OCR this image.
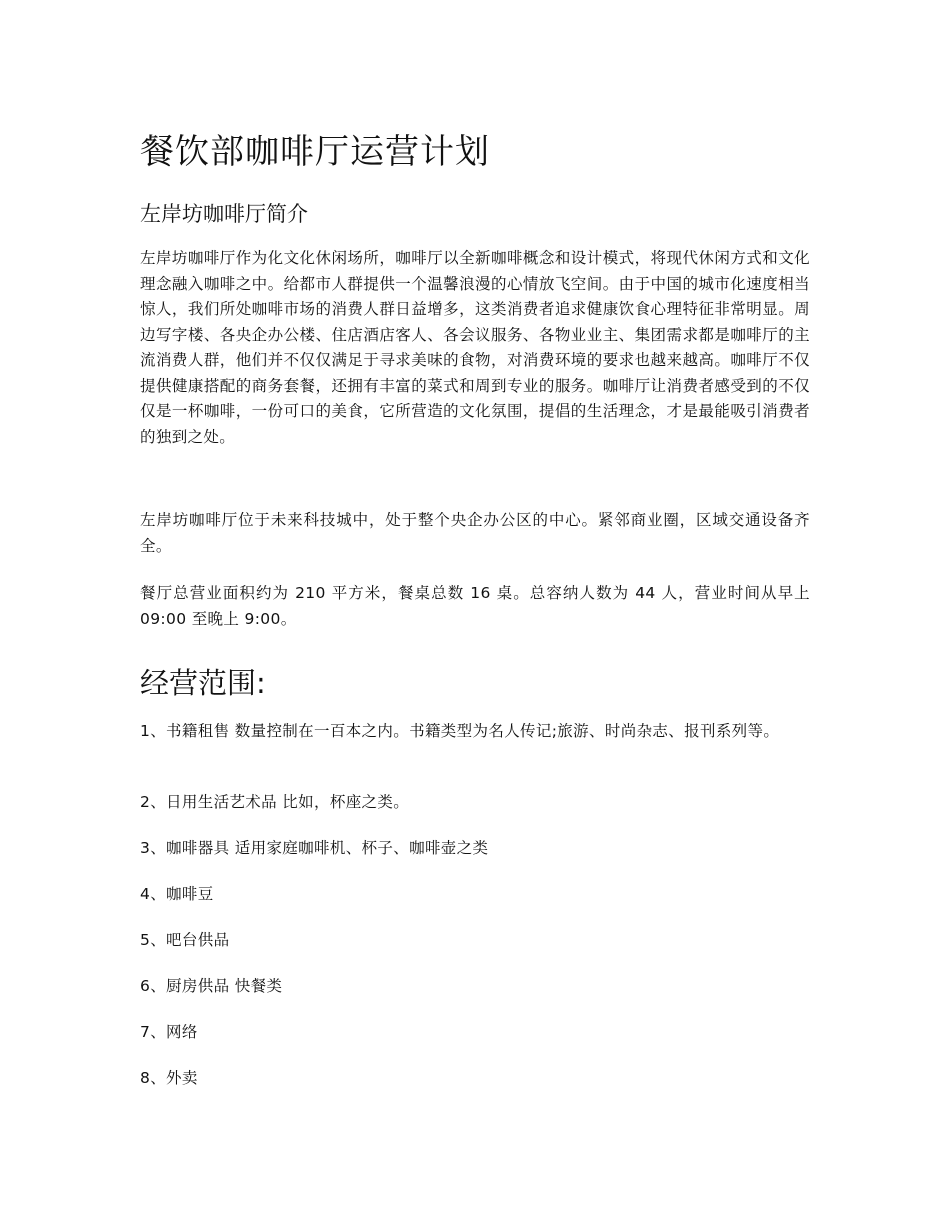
餐饮部咖啡厅运营计划
左岸坊咖啡厅简介

左岸坊咖啡厅作为化文化休闲场所，咖啡厅以全新咖啡概念和设计模式，将现代休闲方式和文化理念融入咖啡之中。给都市人群提供一个温馨浪漫的心情放飞空间。由于中国的城市化速度相当惊人，我们所处咖啡市场的消费人群日益增多，这类消费者追求健康饮食心理特征非常明显。周边写字楼、各央企办公楼、住店酒店客人、各会议服务、各物业业主、集团需求都是咖啡厅的主流消费人群，他们并不仅仅满足于寻求美味的食物，对消费环境的要求也越来越高。咖啡厅不仅提供健康搭配的商务套餐，还拥有丰富的菜式和周到专业的服务。咖啡厅让消费者感受到的不仅仅是一杯咖啡，一份可口的美食，它所营造的文化氛围，提倡的生活理念，才是最能吸引消费者的独到之处。

左岸坊咖啡厅位于未来科技城中，处于整个央企办公区的中心。紧邻商业圈，区域交通设备齐全。

餐厅总营业面积约为 210 平方米，餐桌总数 16 桌。总容纳人数为 44 人，营业时间从早上 09:00 至晚上 9:00。

经营范围:
1、书籍租售 数量控制在一百本之内。书籍类型为名人传记;旅游、时尚杂志、报刊系列等。
2、日用生活艺术品 比如，杯座之类。
3、咖啡器具 适用家庭咖啡机、杯子、咖啡壶之类
4、咖啡豆
5、吧台供品
6、厨房供品 快餐类
7、网络
8、外卖
